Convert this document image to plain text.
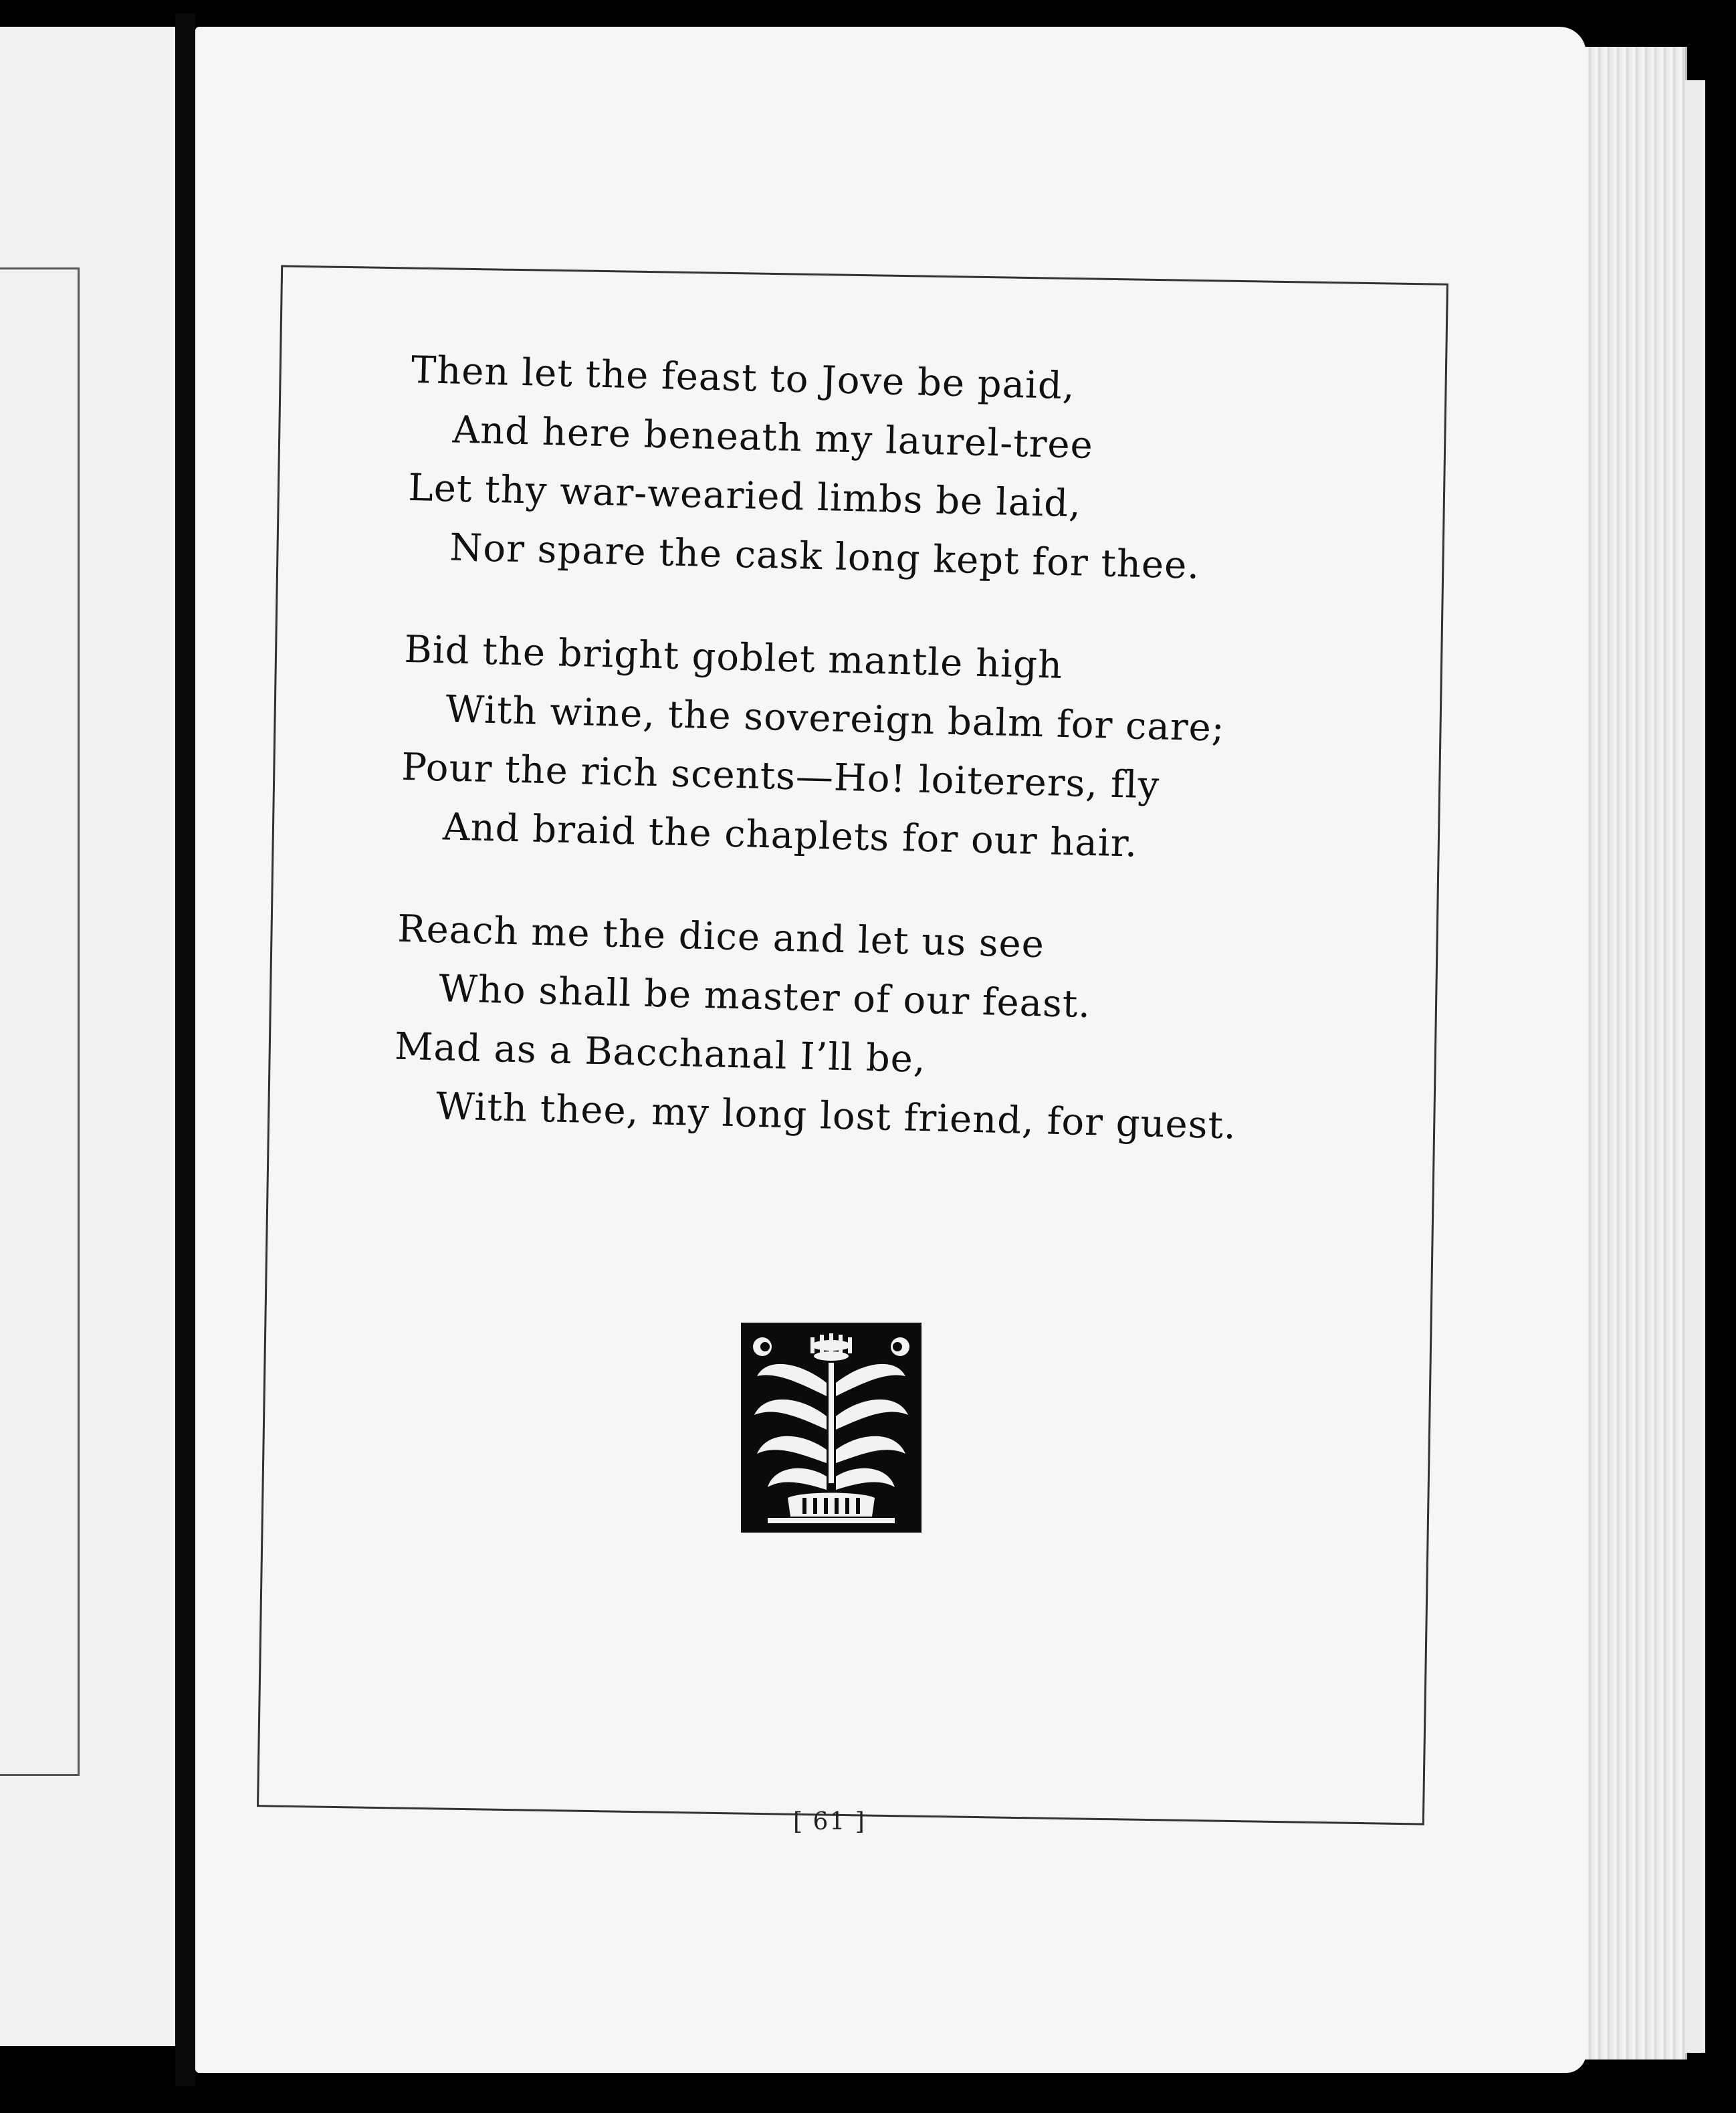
Then let the feast to Jove be paid,
And here beneath my laurel-tree
Let thy war-wearied limbs be laid,
Nor spare the cask long kept for thee.
Bid the bright goblet mantle high
With wine, the sovereign balm for care;
Pour the rich scents—Ho! loiterers, fly
And braid the chaplets for our hair.
Reach me the dice and let us see
Who shall be master of our feast.
Mad as a Bacchanal I’ll be,
With thee, my long lost friend, for guest.
[ 61 ]
